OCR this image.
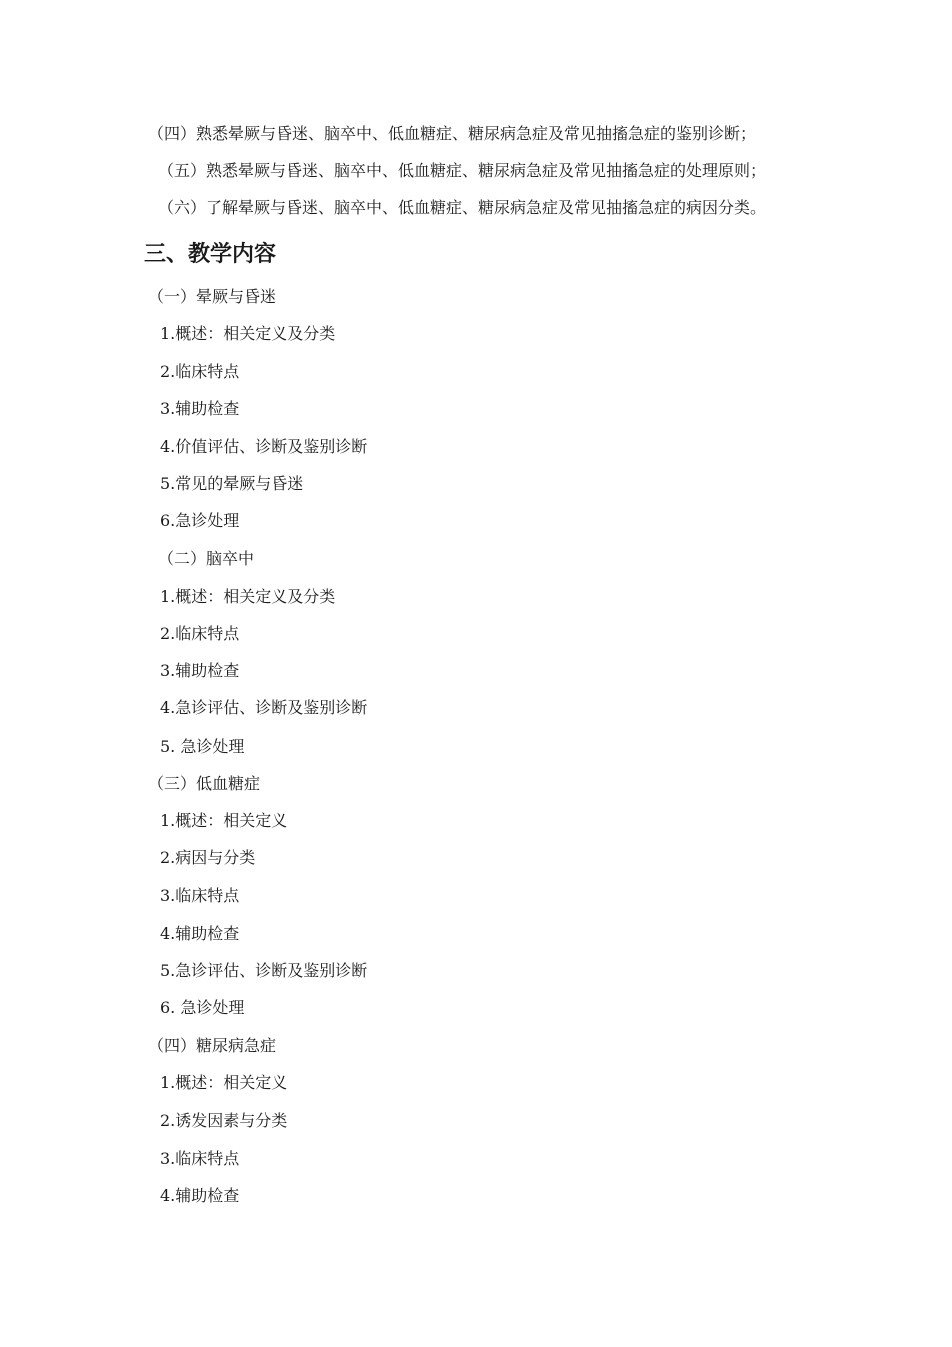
（四）熟悉晕厥与昏迷、脑卒中、低血糖症、糖尿病急症及常见抽搐急症的鉴别诊断；

（五）熟悉晕厥与昏迷、脑卒中、低血糖症、糖尿病急症及常见抽搐急症的处理原则；

（六）了解晕厥与昏迷、脑卒中、低血糖症、糖尿病急症及常见抽搐急症的病因分类。

三、教学内容

（一）晕厥与昏迷

1.概述：相关定义及分类

2.临床特点

3.辅助检查

4.价值评估、诊断及鉴别诊断

5.常见的晕厥与昏迷

6.急诊处理

（二）脑卒中

1.概述：相关定义及分类

2.临床特点

3.辅助检查

4.急诊评估、诊断及鉴别诊断

5. 急诊处理

（三）低血糖症

1.概述：相关定义

2.病因与分类

3.临床特点

4.辅助检查

5.急诊评估、诊断及鉴别诊断

6. 急诊处理

（四）糖尿病急症

1.概述：相关定义

2.诱发因素与分类

3.临床特点

4.辅助检查
